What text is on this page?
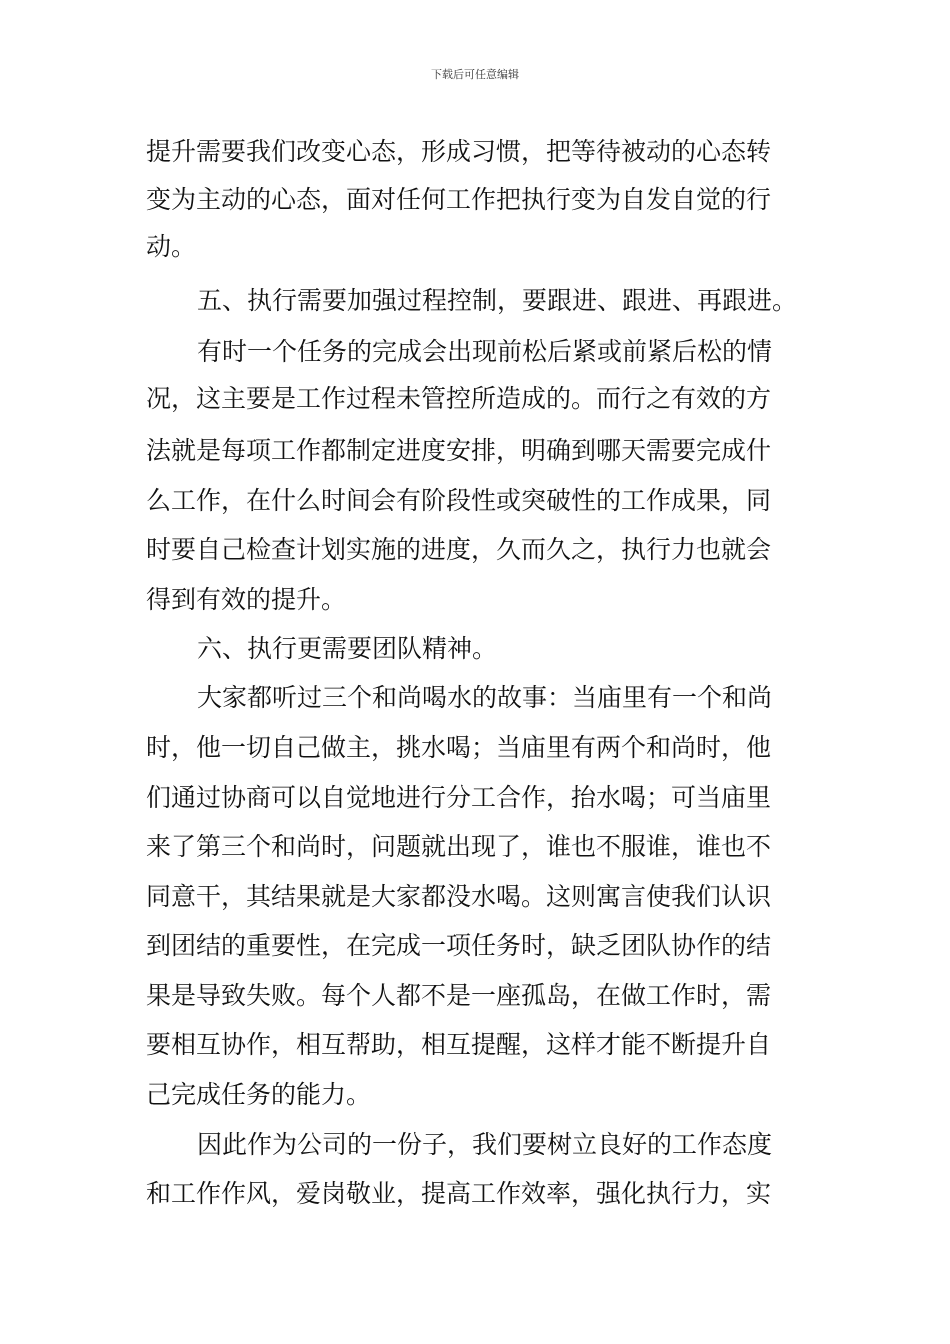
下载后可任意编辑
提升需要我们改变心态，形成习惯，把等待被动的心态转
变为主动的心态，面对任何工作把执行变为自发自觉的行
动。
五、执行需要加强过程控制，要跟进、跟进、再跟进。
有时一个任务的完成会出现前松后紧或前紧后松的情
况，这主要是工作过程未管控所造成的。而行之有效的方
法就是每项工作都制定进度安排，明确到哪天需要完成什
么工作，在什么时间会有阶段性或突破性的工作成果，同
时要自己检查计划实施的进度，久而久之，执行力也就会
得到有效的提升。
六、执行更需要团队精神。
大家都听过三个和尚喝水的故事：当庙里有一个和尚
时，他一切自己做主，挑水喝；当庙里有两个和尚时，他
们通过协商可以自觉地进行分工合作，抬水喝；可当庙里
来了第三个和尚时，问题就出现了，谁也不服谁，谁也不
同意干，其结果就是大家都没水喝。这则寓言使我们认识
到团结的重要性，在完成一项任务时，缺乏团队协作的结
果是导致失败。每个人都不是一座孤岛，在做工作时，需
要相互协作，相互帮助，相互提醒，这样才能不断提升自
己完成任务的能力。
因此作为公司的一份子，我们要树立良好的工作态度
和工作作风，爱岗敬业，提高工作效率，强化执行力，实
